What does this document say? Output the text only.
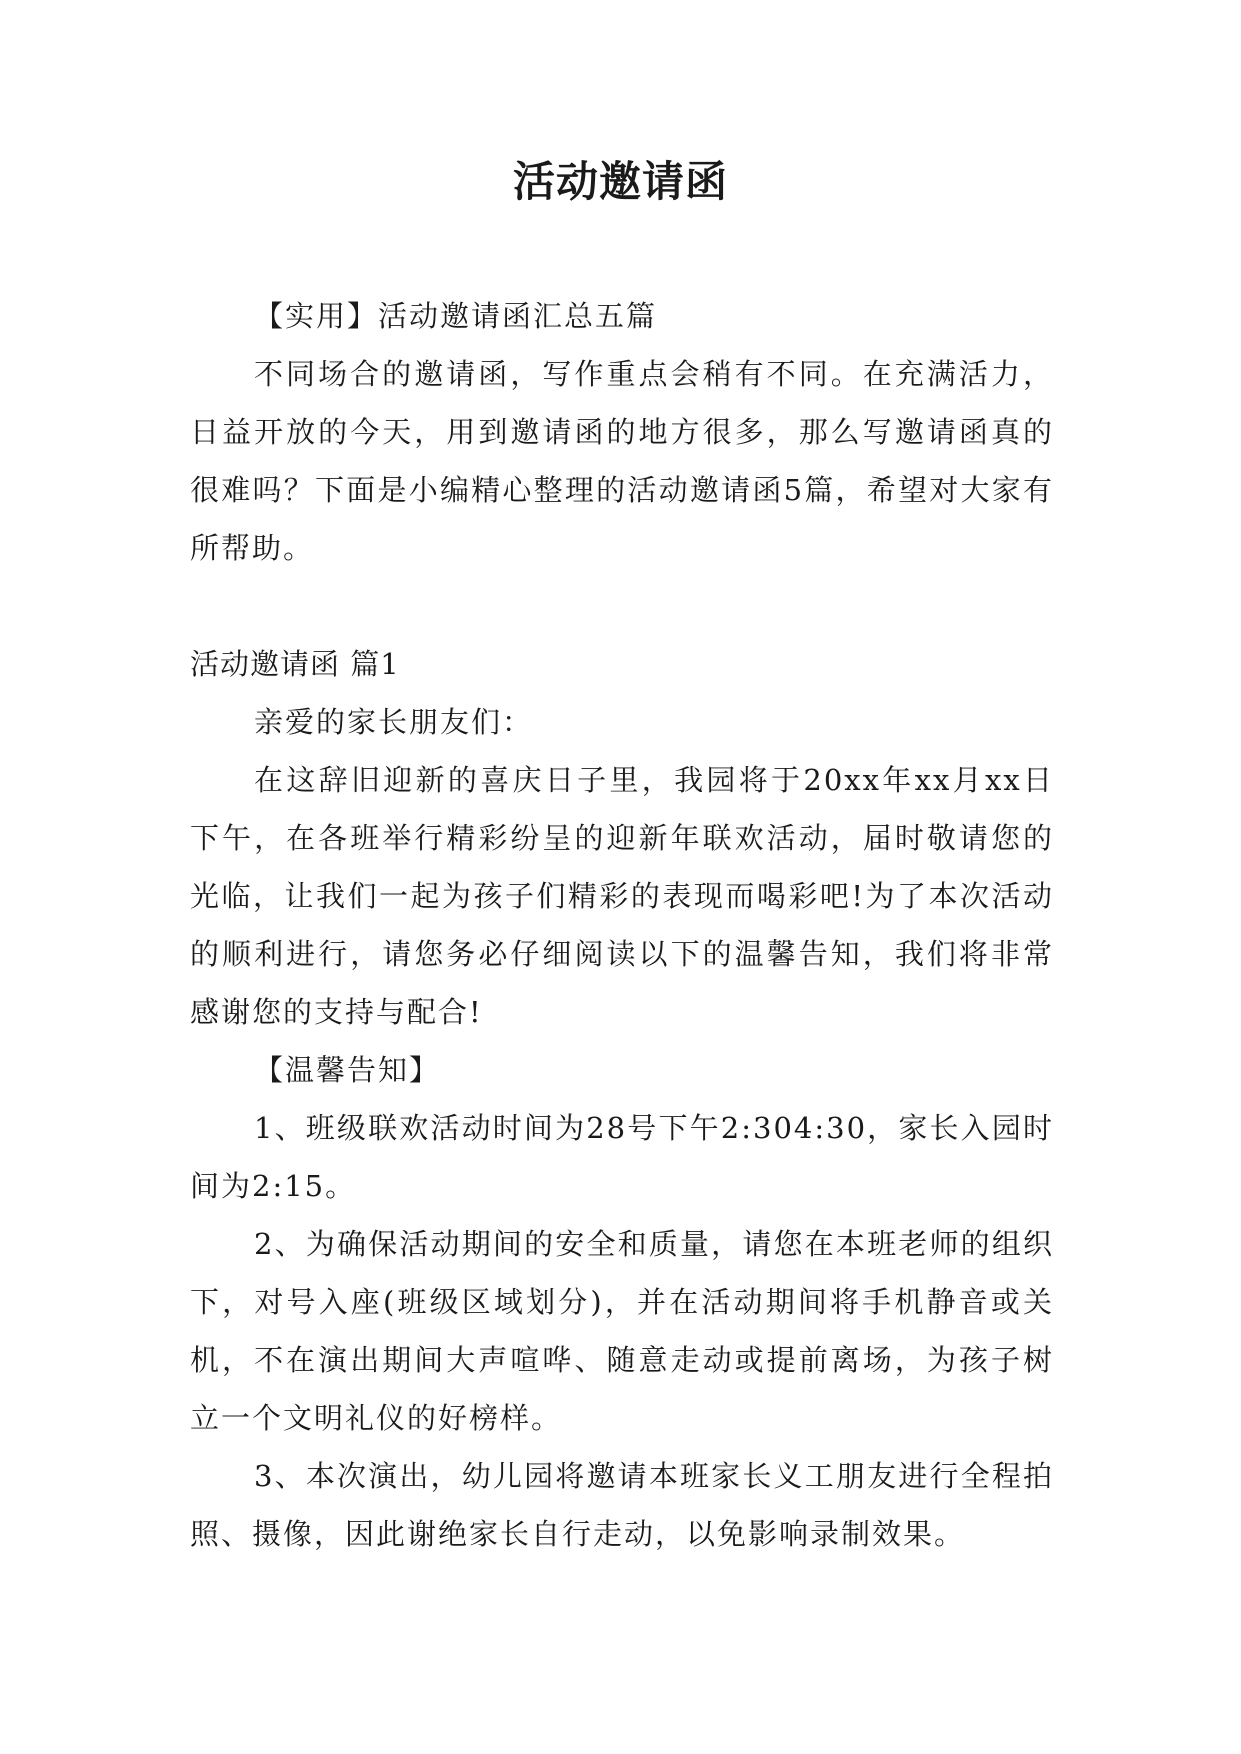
活动邀请函

【实用】活动邀请函汇总五篇

不同场合的邀请函，写作重点会稍有不同。在充满活力，日益开放的今天，用到邀请函的地方很多，那么写邀请函真的很难吗？下面是小编精心整理的活动邀请函5篇，希望对大家有所帮助。

活动邀请函 篇1

亲爱的家长朋友们：

在这辞旧迎新的喜庆日子里，我园将于20xx年xx月xx日下午，在各班举行精彩纷呈的迎新年联欢活动，届时敬请您的光临，让我们一起为孩子们精彩的表现而喝彩吧!为了本次活动的顺利进行，请您务必仔细阅读以下的温馨告知，我们将非常感谢您的支持与配合!

【温馨告知】

1、班级联欢活动时间为28号下午2:304:30，家长入园时间为2:15。

2、为确保活动期间的安全和质量，请您在本班老师的组织下，对号入座(班级区域划分)，并在活动期间将手机静音或关机，不在演出期间大声喧哗、随意走动或提前离场，为孩子树立一个文明礼仪的好榜样。

3、本次演出，幼儿园将邀请本班家长义工朋友进行全程拍照、摄像，因此谢绝家长自行走动，以免影响录制效果。
